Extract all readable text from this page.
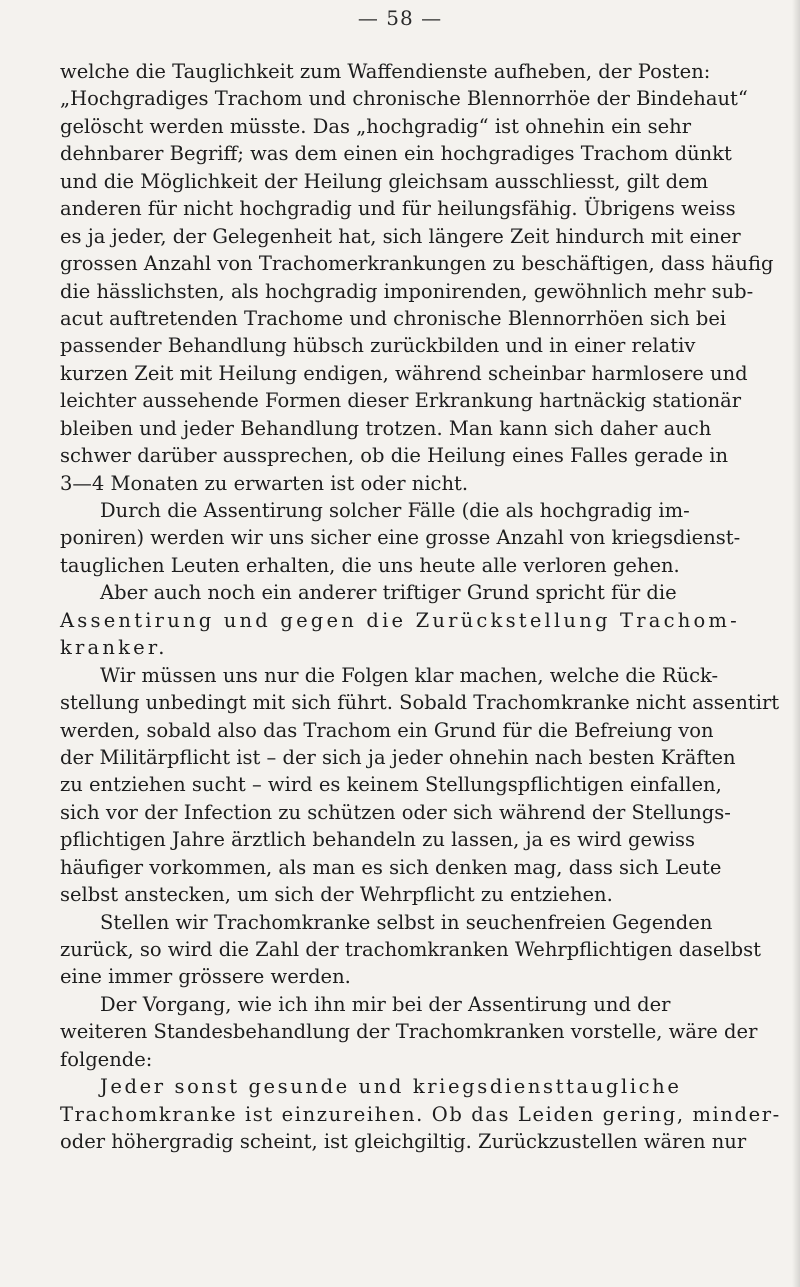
— 58 —
welche die Tauglichkeit zum Waffendienste aufheben, der Posten:
„Hochgradiges Trachom und chronische Blennorrhöe der Bindehaut“
gelöscht werden müsste. Das „hochgradig“ ist ohnehin ein sehr
dehnbarer Begriff; was dem einen ein hochgradiges Trachom dünkt
und die Möglichkeit der Heilung gleichsam ausschliesst, gilt dem
anderen für nicht hochgradig und für heilungsfähig. Übrigens weiss
es ja jeder, der Gelegenheit hat, sich längere Zeit hindurch mit einer
grossen Anzahl von Trachomerkrankungen zu beschäftigen, dass häufig
die hässlichsten, als hochgradig imponirenden, gewöhnlich mehr sub-
acut auftretenden Trachome und chronische Blennorrhöen sich bei
passender Behandlung hübsch zurückbilden und in einer relativ
kurzen Zeit mit Heilung endigen, während scheinbar harmlosere und
leichter aussehende Formen dieser Erkrankung hartnäckig stationär
bleiben und jeder Behandlung trotzen. Man kann sich daher auch
schwer darüber aussprechen, ob die Heilung eines Falles gerade in
3—4 Monaten zu erwarten ist oder nicht.
Durch die Assentirung solcher Fälle (die als hochgradig im-
poniren) werden wir uns sicher eine grosse Anzahl von kriegsdienst-
tauglichen Leuten erhalten, die uns heute alle verloren gehen.
Aber auch noch ein anderer triftiger Grund spricht für die
Assentirung und gegen die Zurückstellung Trachom-
kranker.
Wir müssen uns nur die Folgen klar machen, welche die Rück-
stellung unbedingt mit sich führt. Sobald Trachomkranke nicht assentirt
werden, sobald also das Trachom ein Grund für die Befreiung von
der Militärpflicht ist – der sich ja jeder ohnehin nach besten Kräften
zu entziehen sucht – wird es keinem Stellungspflichtigen einfallen,
sich vor der Infection zu schützen oder sich während der Stellungs-
pflichtigen Jahre ärztlich behandeln zu lassen, ja es wird gewiss
häufiger vorkommen, als man es sich denken mag, dass sich Leute
selbst anstecken, um sich der Wehrpflicht zu entziehen.
Stellen wir Trachomkranke selbst in seuchenfreien Gegenden
zurück, so wird die Zahl der trachomkranken Wehrpflichtigen daselbst
eine immer grössere werden.
Der Vorgang, wie ich ihn mir bei der Assentirung und der
weiteren Standesbehandlung der Trachomkranken vorstelle, wäre der
folgende:
Jeder sonst gesunde und kriegsdiensttaugliche
Trachomkranke ist einzureihen. Ob das Leiden gering, minder-
oder höhergradig scheint, ist gleichgiltig. Zurückzustellen wären nur
